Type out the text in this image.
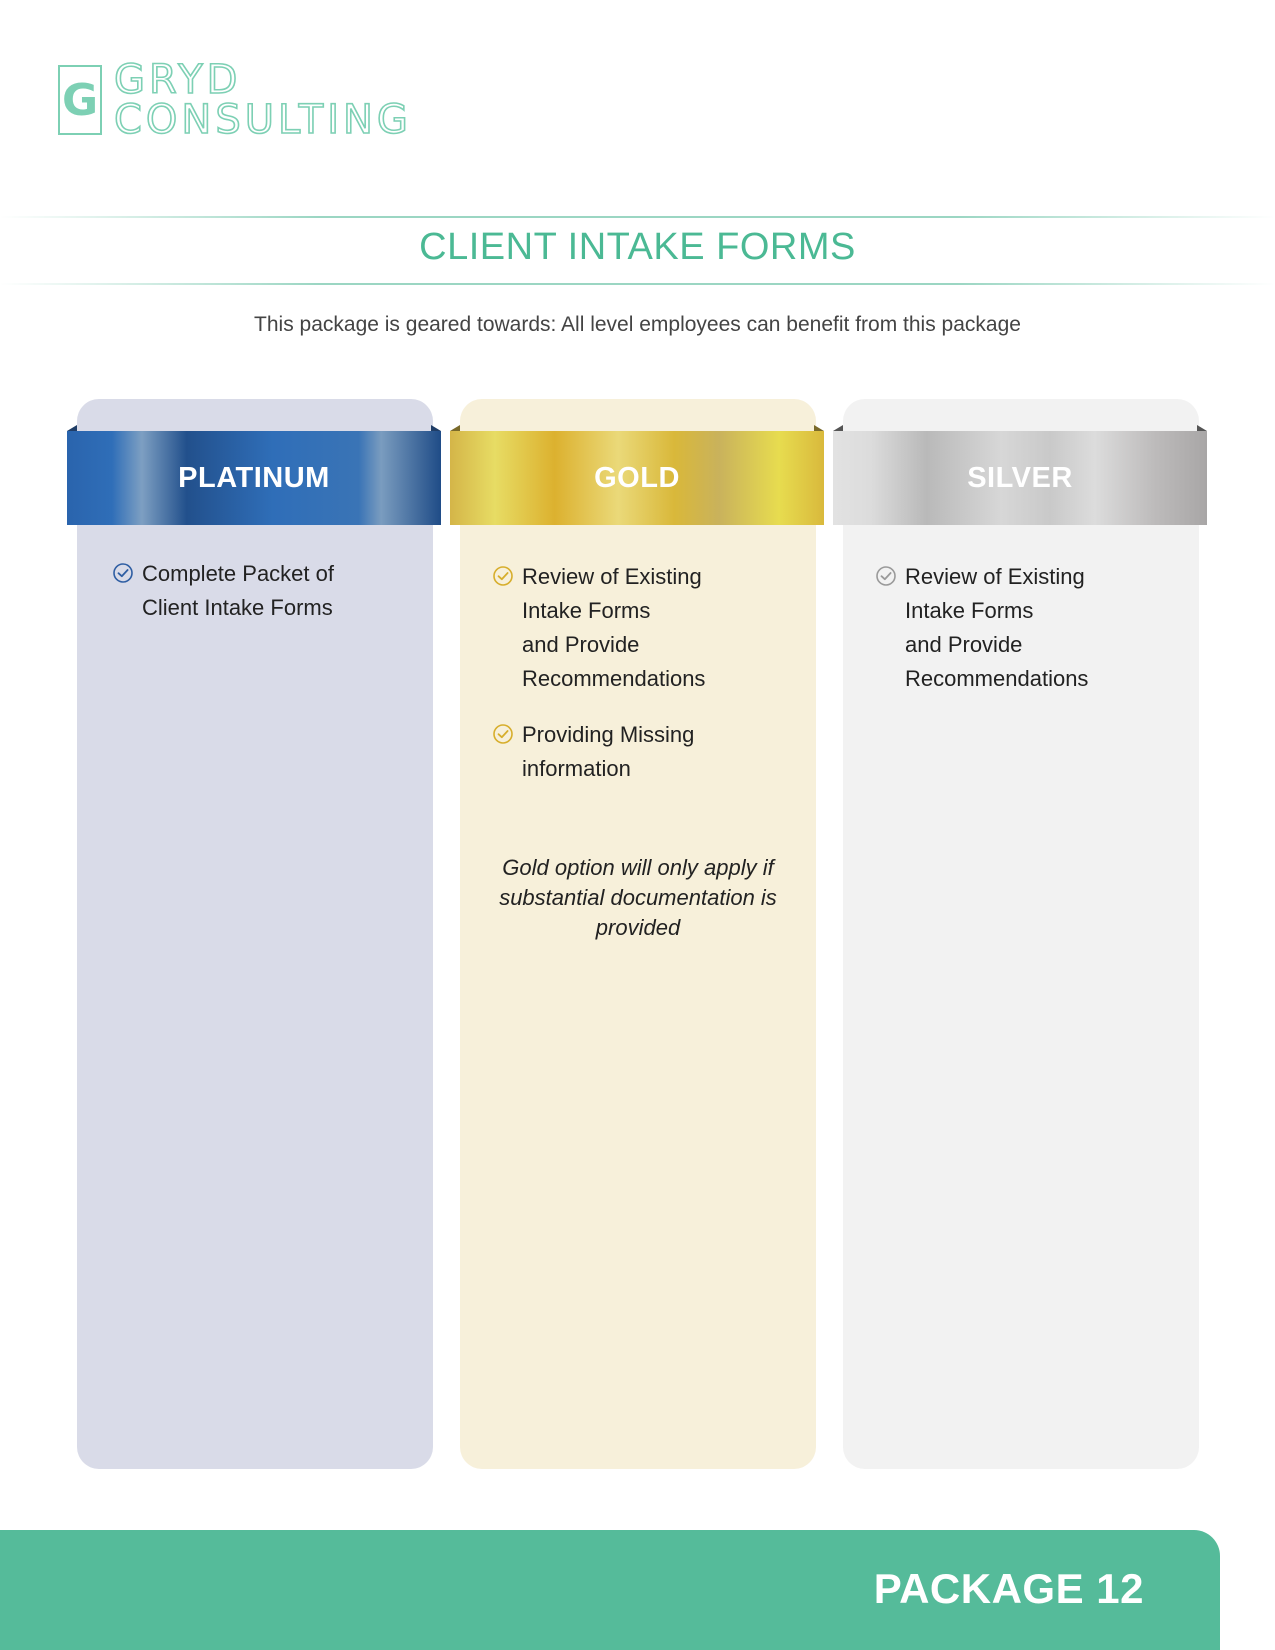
G GRYD
CONSULTING
CLIENT INTAKE FORMS
This package is geared towards: All level employees can benefit from this package
PLATINUM	GOLD	SILVER
Complete Packet of
Client Intake Forms
Review of Existing
Intake Forms
and Provide
Recommendations
Providing Missing
information
Gold option will only apply if substantial documentation is provided
Review of Existing
Intake Forms
and Provide
Recommendations
PACKAGE 12
